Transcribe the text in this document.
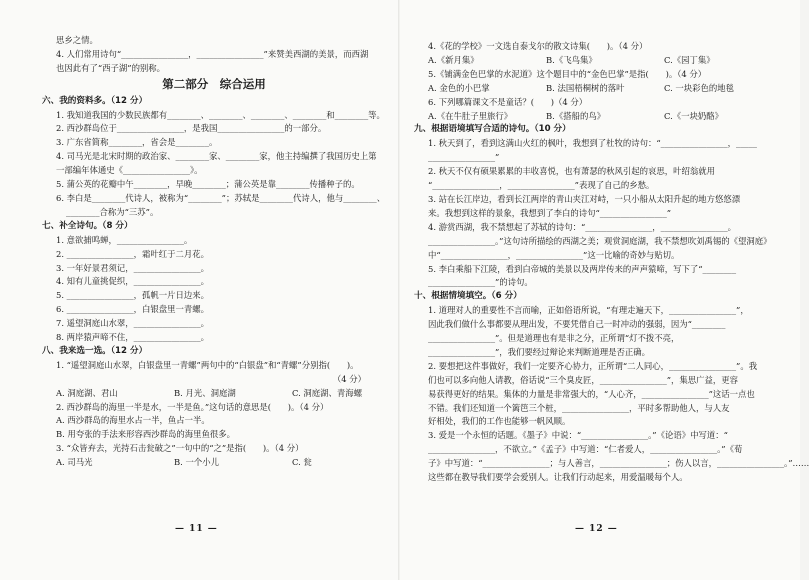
思乡之情。
4. 人们常用诗句“________________，________________”来赞美西湖的美景，而西湖
也因此有了“西子湖”的别称。
第二部分　综合运用
六、我的资料多。（12 分）
1. 我知道我国的少数民族都有________、________、________、________和________等。
2. 西沙群岛位于________________，是我国________________的一部分。
3. 广东省简称________，省会是________。
4. 司马光是北宋时期的政治家、________家、________家，他主持编撰了我国历史上第
一部编年体通史《________________》。
5. 蒲公英的花瓣中午________，早晚________；蒲公英是靠________传播种子的。
6. 李白是________代诗人，被称为“________”；苏轼是________代诗人，他与________、
________合称为“三苏”。
七、补全诗句。（8 分）
1. 意欲捕鸣蝉，________________。
2. ________________，霜叶红于二月花。
3. 一年好景君须记，________________。
4. 知有儿童挑促织，________________。
5. ________________，孤帆一片日边来。
6. ________________，白银盘里一青螺。
7. 遥望洞庭山水翠，________________。
8. 两岸猿声啼不住，________________。
八、我来选一选。（12 分）
1. “遥望洞庭山水翠，白银盘里一青螺”两句中的“白银盘”和“青螺”分别指(　　)。
（4 分）
A. 洞庭湖、君山	B. 月光、洞庭湖	C. 洞庭湖、青海螺
2. 西沙群岛的海里一半是水，一半是鱼。”这句话的意思是(　　)。（4 分）
A. 西沙群岛的海里水占一半，鱼占一半。
B. 用夸张的手法来形容西沙群岛的海里鱼很多。
3. “众皆弃去，光持石击瓮破之”一句中的“之”是指(　　)。（4 分）
A. 司马光	B. 一个小儿	C. 瓮
— 11 —
4.《花的学校》一文选自泰戈尔的散文诗集(　　)。（4 分）
A.《新月集》	B.《飞鸟集》	C.《园丁集》
5.《铺满金色巴掌的水泥道》这个题目中的“金色巴掌”是指(　　)。（4 分）
A. 金色的小巴掌	B. 法国梧桐树的落叶	C. 一块彩色的地毯
6. 下列哪篇课文不是童话？(　　)（4 分）
A.《在牛肚子里旅行》	B.《搭船的鸟》	C.《一块奶酪》
九、根据语境填写合适的诗句。（10 分）
1. 秋天到了，看到这满山火红的枫叶，我想到了杜牧的诗句：“________________，_____
________________”
2. 秋天不仅有硕果累累的丰收喜悦，也有萧瑟的秋风引起的哀思，叶绍翁就用
“________________，________________”表现了自己的乡愁。
3. 站在长江岸边，看到长江两岸的青山夹江对峙，一只小船从太阳升起的地方悠悠漂
来。我想到这样的景象，我想到了李白的诗句“________________”
4. 游赏西湖，我不禁想起了苏轼的诗句：“________________，________________。
________________。”这句诗所描绘的西湖之美；观赏洞庭湖，我不禁想吹刘禹锡的《望洞庭》
中“________________，________________”这一比喻的奇妙与贴切。
5. 李白乘船下江陵，看到白帝城的美景以及两岸传来的声声猿啼，写下了“________
________________”的诗句。
十、根据情境填空。（6 分）
1. 道理对人的重要性不言而喻，正如俗语所说，“有理走遍天下，________________”，
因此我们做什么事都要从理出发，不要凭借自己一时冲动的强弱，因为“________
________________”。但是道理也有是非之分，正所谓“灯不拨不亮，
________________”，我们要经过辩论来判断道理是否正确。
2. 要想把这件事做好，我们一定要齐心协力，正所谓“二人同心，________________”。我
们也可以多向他人请教，俗话说“三个臭皮匠，________________”，集思广益，更容
易获得更好的结果。集体的力量是非常强大的，“人心齐，________________”这话一点也
不错。我们还知道一个篱笆三个桩，________________，平时多帮助他人，与人友
好相处，我们的工作也能够一帆风顺。
3. 爱是一个永恒的话题。《墨子》中说：“________________。”《论语》中写道：“
________________，不欲立。”《孟子》中写道：“仁者爱人，________________。”《荀
子》中写道：“________________；与人善言，________________；伤人以言，________________。”……
这些都在教导我们要学会爱别人。让我们行动起来，用爱温暖每个人。
— 12 —
